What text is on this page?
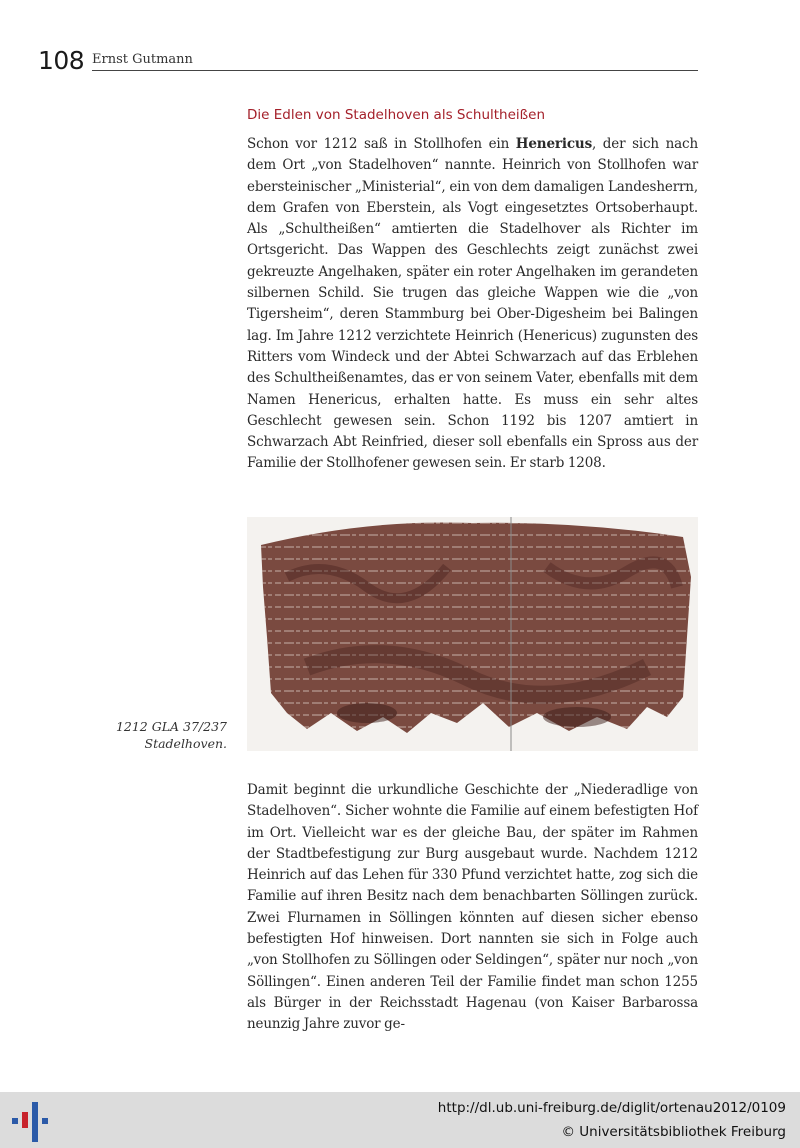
108 Ernst Gutmann
Die Edlen von Stadelhoven als Schultheißen
Schon vor 1212 saß in Stollhofen ein Henericus, der sich nach dem Ort „von Stadelhoven“ nannte. Heinrich von Stollhofen war ebersteinischer „Ministerial“, ein von dem damaligen Landesherrn, dem Grafen von Eberstein, als Vogt eingesetztes Ortsoberhaupt. Als „Schultheißen“ amtierten die Stadelhover als Richter im Ortsgericht. Das Wappen des Geschlechts zeigt zunächst zwei gekreuzte Angelhaken, später ein roter Angelhaken im gerandeten silbernen Schild. Sie trugen das gleiche Wappen wie die „von Tigersheim“, deren Stammburg bei Ober-Digesheim bei Balingen lag. Im Jahre 1212 verzichtete Heinrich (Henericus) zugunsten des Ritters vom Windeck und der Abtei Schwarzach auf das Erblehen des Schultheißenamtes, das er von seinem Vater, ebenfalls mit dem Namen Henericus, erhalten hatte. Es muss ein sehr altes Geschlecht gewesen sein. Schon 1192 bis 1207 amtiert in Schwarzach Abt Reinfried, dieser soll ebenfalls ein Spross aus der Familie der Stollhofener gewesen sein. Er starb 1208.
1212 GLA 37/237
Stadelhoven.
Damit beginnt die urkundliche Geschichte der „Niederadlige von Stadelhoven“. Sicher wohnte die Familie auf einem befestigten Hof im Ort. Vielleicht war es der gleiche Bau, der später im Rahmen der Stadtbefestigung zur Burg ausgebaut wurde. Nachdem 1212 Heinrich auf das Lehen für 330 Pfund verzichtet hatte, zog sich die Familie auf ihren Besitz nach dem benachbarten Söllingen zurück. Zwei Flurnamen in Söllingen könnten auf diesen sicher ebenso befestigten Hof hinweisen. Dort nannten sie sich in Folge auch „von Stollhofen zu Söllingen oder Seldingen“, später nur noch „von Söllingen“. Einen anderen Teil der Familie findet man schon 1255 als Bürger in der Reichsstadt Hagenau (von Kaiser Barbarossa neunzig Jahre zuvor ge-
http://dl.ub.uni-freiburg.de/diglit/ortenau2012/0109
© Universitätsbibliothek Freiburg
